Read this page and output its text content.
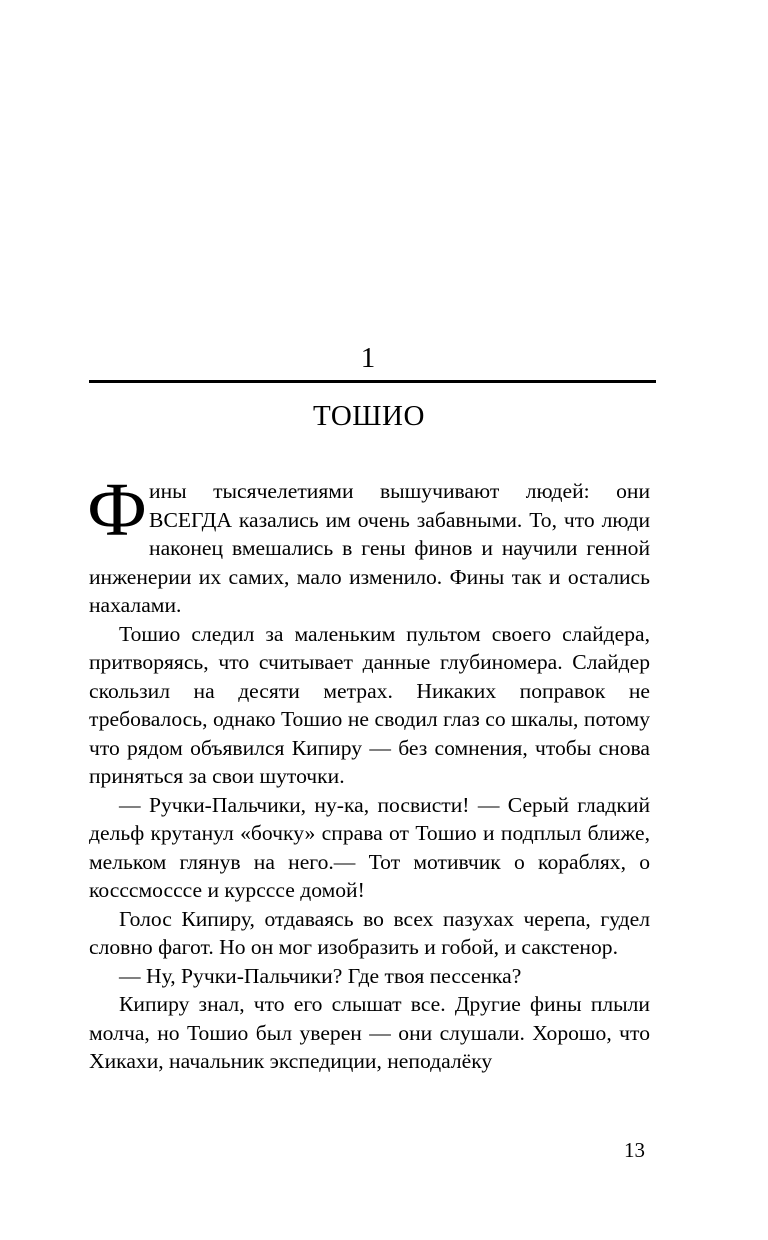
1
ТОШИО

Фины тысячелетиями вышучивают людей: они ВСЕГДА казались им очень забавными. То, что люди наконец вмешались в гены финов и научили генной инженерии их самих, мало изменило. Фины так и остались нахалами.

Тошио следил за маленьким пультом своего слайдера, притворяясь, что считывает данные глубиномера. Слайдер скользил на десяти метрах. Никаких поправок не требовалось, однако Тошио не сводил глаз со шкалы, потому что рядом объявился Кипиру — без сомнения, чтобы снова приняться за свои шуточки.

— Ручки-Пальчики, ну-ка, посвисти! — Серый гладкий дельф крутанул «бочку» справа от Тошио и подплыл ближе, мельком глянув на него.— Тот мотивчик о кораблях, о косссмосссе и курсссе домой!

Голос Кипиру, отдаваясь во всех пазухах черепа, гудел словно фагот. Но он мог изобразить и гобой, и сакстенор.

— Ну, Ручки-Пальчики? Где твоя пессенка?

Кипиру знал, что его слышат все. Другие фины плыли молча, но Тошио был уверен — они слушали. Хорошо, что Хикахи, начальник экспедиции, неподалёку

13
